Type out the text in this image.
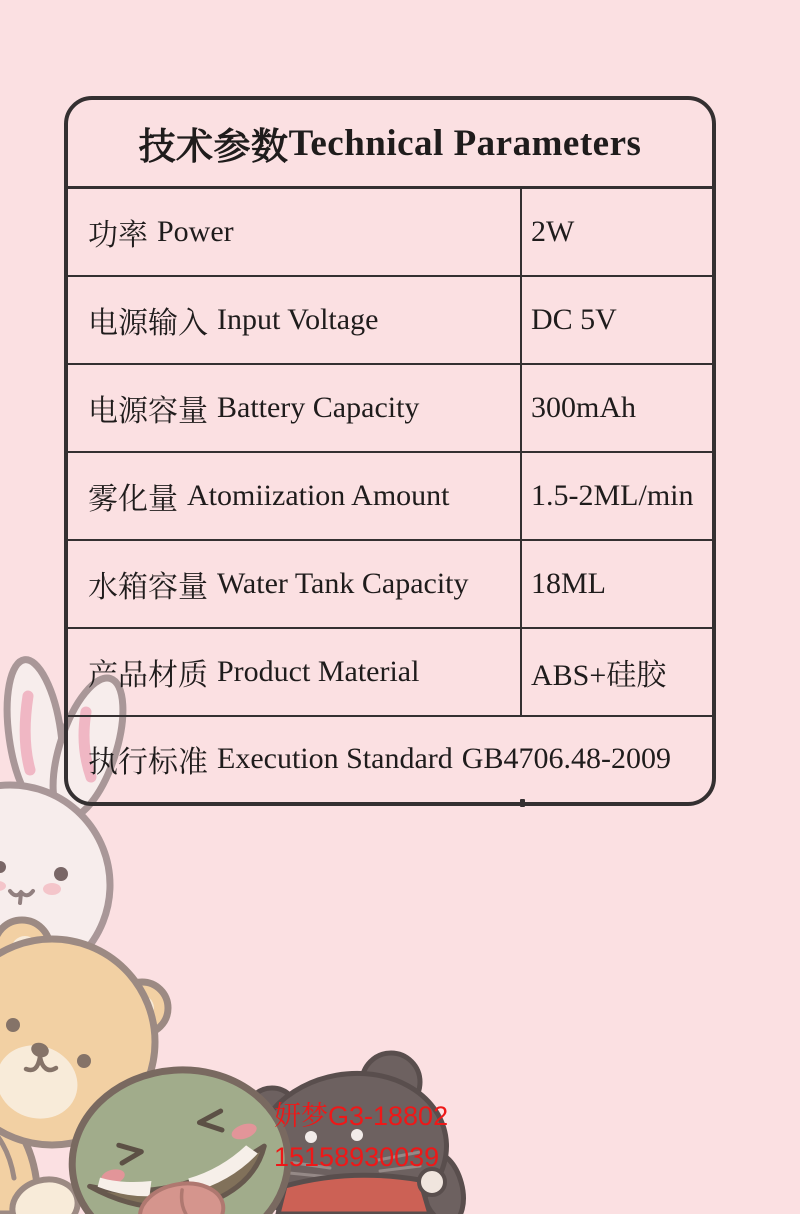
技术参数 Technical Parameters
功率 Power	2W
电源输入 Input Voltage	DC 5V
电源容量 Battery Capacity	300mAh
雾化量 Atomiization Amount	1.5-2ML/min
水箱容量 Water Tank Capacity 18ML
产品材质 Product Material	ABS+硅胶
执行标准 Execution Standard GB4706.48-2009
妍梦G3-18802
15158930039
